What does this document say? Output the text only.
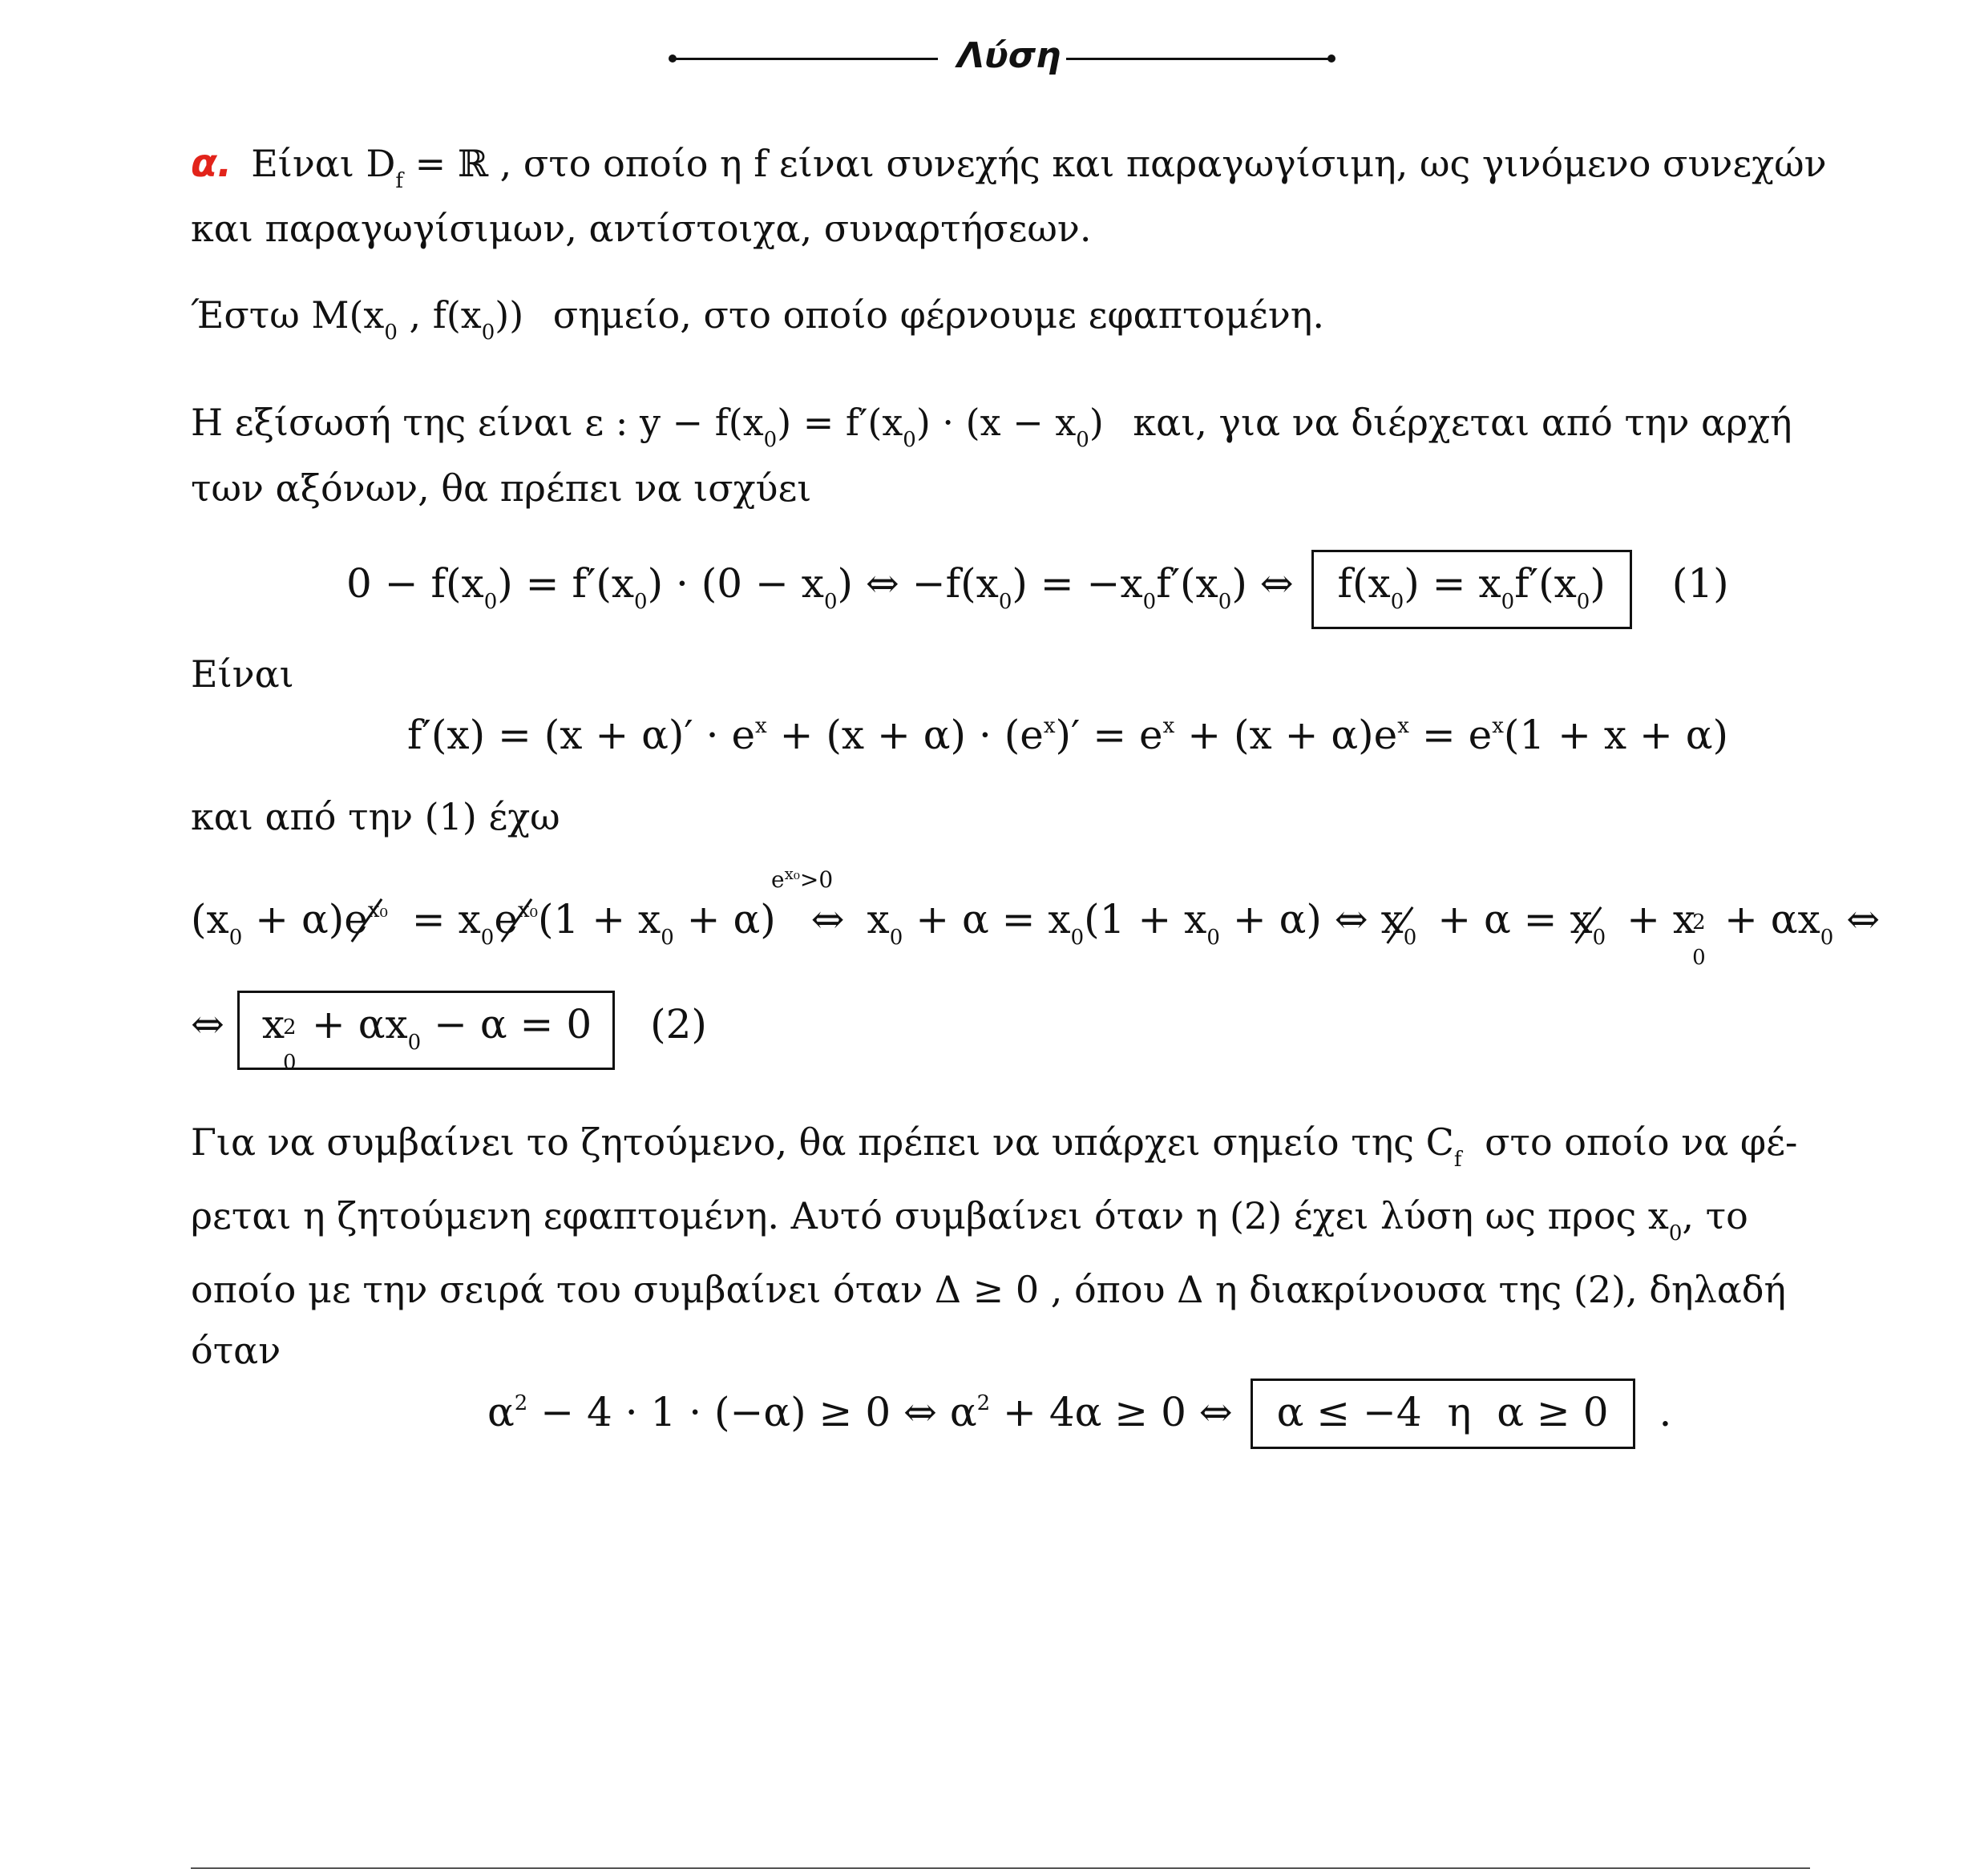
Λύση
α. Είναι $D_f$ = ℝ , στο οποίο η f είναι συνεχής και παραγωγίσιμη, ως γινόμενο συνεχών
και παραγωγίσιμων, αντίστοιχα, συναρτήσεων.
Έστω $M(x_0$ , $f(x_0)$) σημείο, στο οποίο φέρνουμε εφαπτομένη.
Η εξίσωσή της είναι ε : $y - f(x_0) = f'(x_0) \cdot (x - x_0)$ και, για να διέρχεται από την αρχή
των αξόνων, θα πρέπει να ισχύει
$0 - f(x_0) = f'(x_0) \cdot (0 - x_0)$ ⇔ $-f(x_0) = -x_0f'(x_0)$ ⇔ $f(x_0) = x_0f'(x_0)$ (1)
Είναι
$f'(x) = (x + \alpha)' \cdot e^x + (x + \alpha) \cdot (e^x)' = e^x + (x + \alpha)e^x = e^x(1 + x + \alpha)$
και από την (1) έχω
$e^{x_0}>0$
$(x_0 + \alpha)e^{x_0} = x_0e^{x_0}(1 + x_0 + \alpha)$ ⇔ $x_0 + \alpha = x_0(1 + x_0 + \alpha)$ ⇔ $x_0 + \alpha = x_0 + x$
2
0
+ $\alpha x_0$ ⇔
⇔ x
2
0
+ $\alpha x_0 - \alpha = 0$ (2)
Για να συμβαίνει το ζητούμενο, θα πρέπει να υπάρχει σημείο της $C_f$ στο οποίο να φέ-
ρεται η ζητούμενη εφαπτομένη. Αυτό συμβαίνει όταν η (2) έχει λύση ως προς $x_0$, το
οποίο με την σειρά του συμβαίνει όταν Δ ≥ 0 , όπου Δ η διακρίνουσα της (2), δηλαδή
όταν
$\alpha^2 - 4 \cdot 1 \cdot (-\alpha) \ge 0$ ⇔ $\alpha^2 + 4\alpha \ge 0$ ⇔ α ≤ −4  η  α ≥ 0 .
